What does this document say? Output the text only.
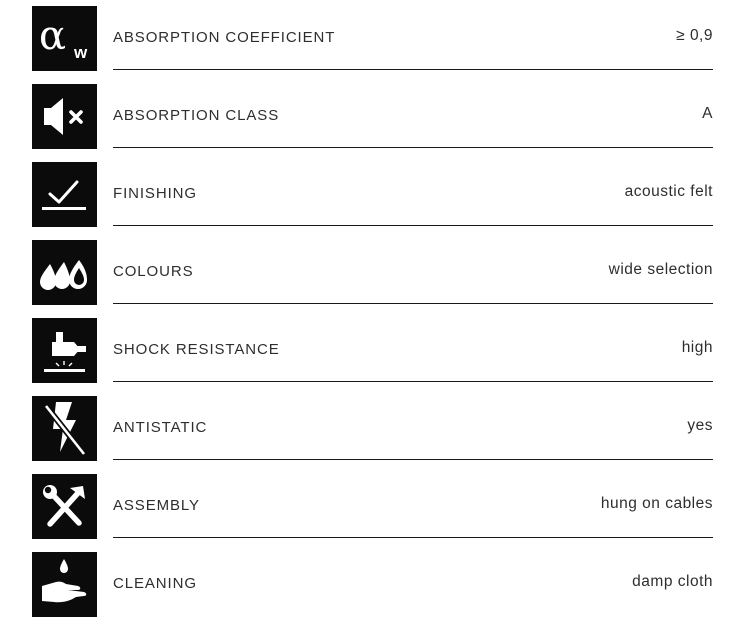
α w
ABSORPTION COEFFICIENT	≥ 0,9
ABSORPTION CLASS	A
FINISHING	acoustic felt
COLOURS	wide selection
SHOCK RESISTANCE	high
ANTISTATIC	yes
ASSEMBLY	hung on cables
CLEANING	damp cloth
